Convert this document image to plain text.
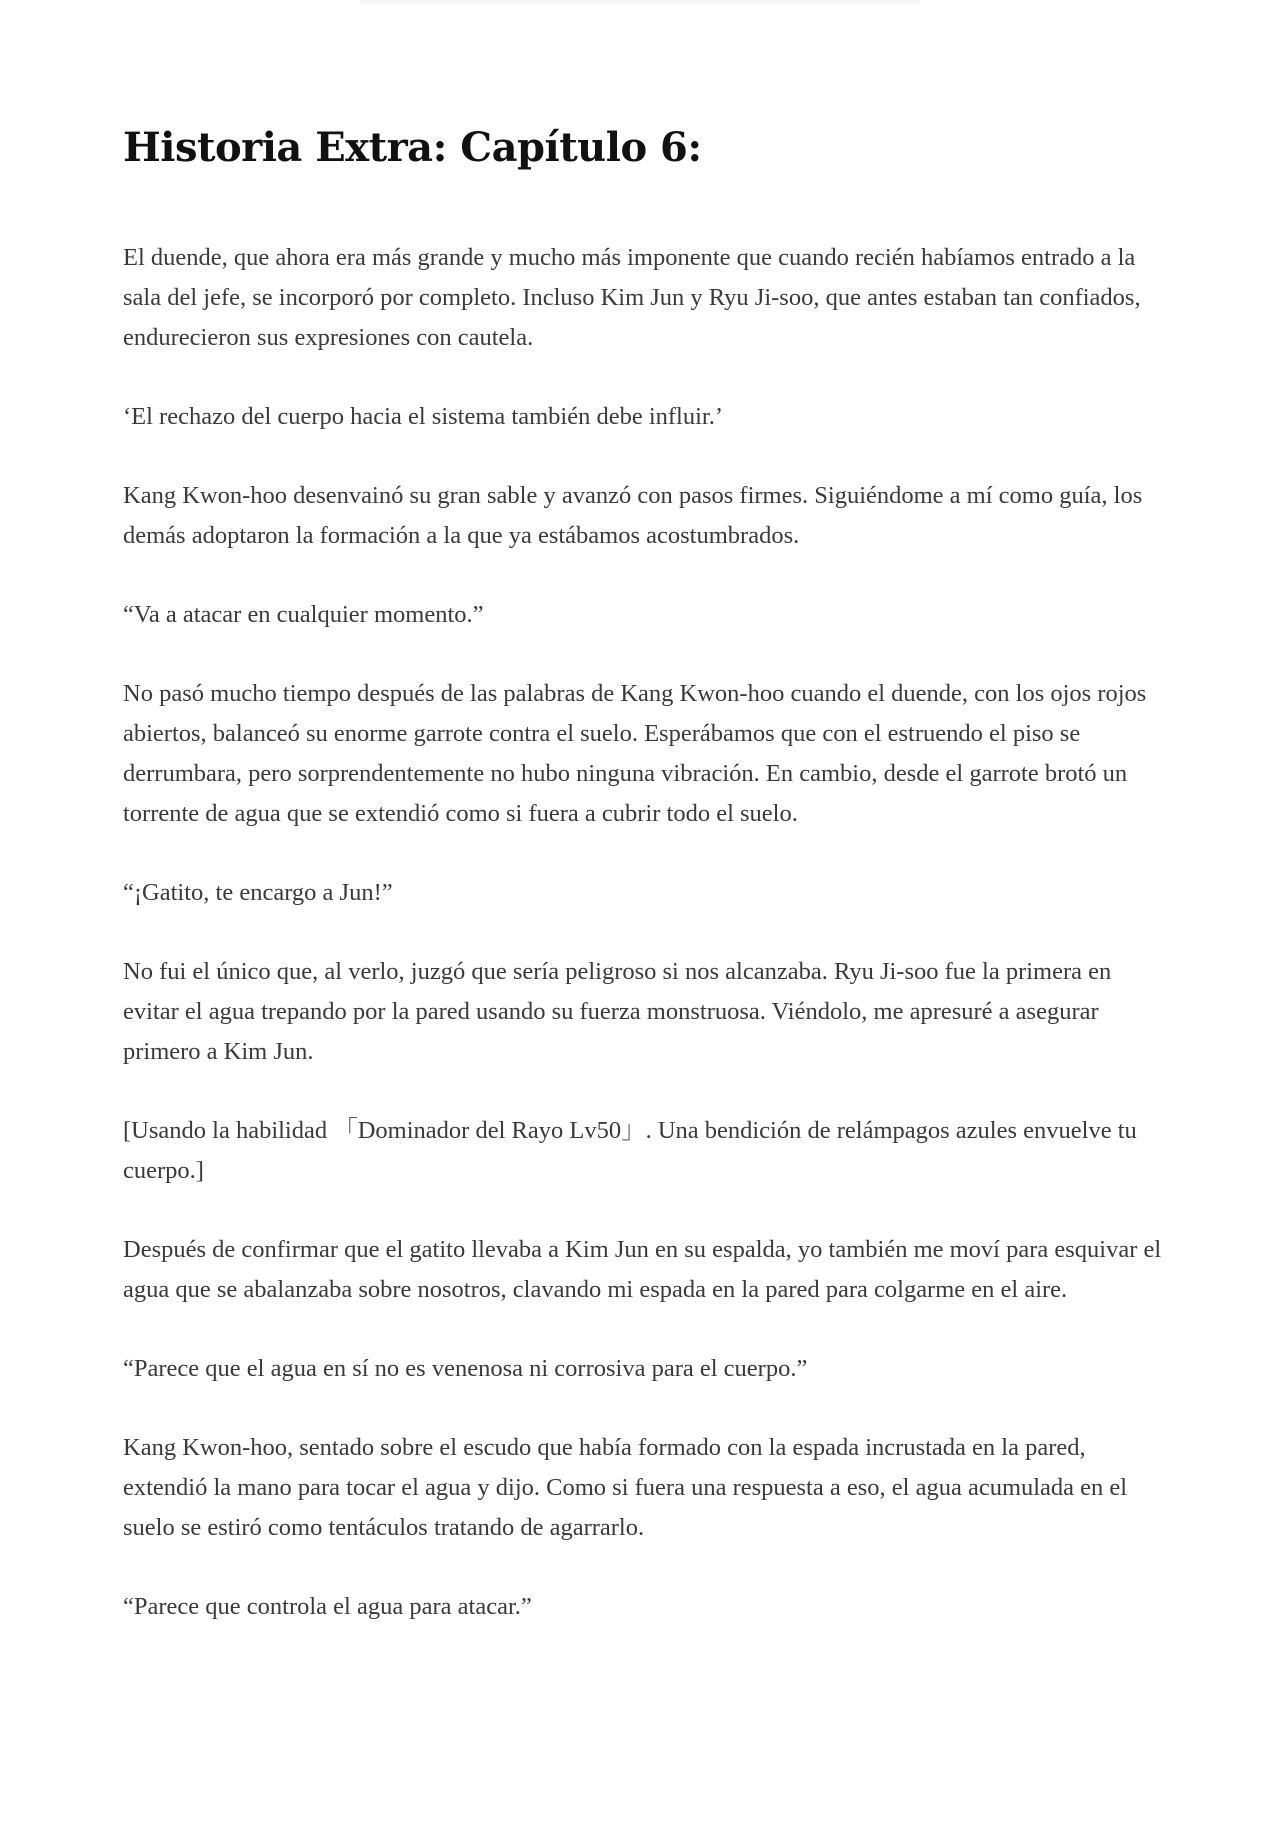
Historia Extra: Capítulo 6:

El duende, que ahora era más grande y mucho más imponente que cuando recién habíamos entrado a la sala del jefe, se incorporó por completo. Incluso Kim Jun y Ryu Ji-soo, que antes estaban tan confiados, endurecieron sus expresiones con cautela.

‘El rechazo del cuerpo hacia el sistema también debe influir.’

Kang Kwon-hoo desenvainó su gran sable y avanzó con pasos firmes. Siguiéndome a mí como guía, los demás adoptaron la formación a la que ya estábamos acostumbrados.

“Va a atacar en cualquier momento.”

No pasó mucho tiempo después de las palabras de Kang Kwon-hoo cuando el duende, con los ojos rojos abiertos, balanceó su enorme garrote contra el suelo. Esperábamos que con el estruendo el piso se derrumbara, pero sorprendentemente no hubo ninguna vibración. En cambio, desde el garrote brotó un torrente de agua que se extendió como si fuera a cubrir todo el suelo.

“¡Gatito, te encargo a Jun!”

No fui el único que, al verlo, juzgó que sería peligroso si nos alcanzaba. Ryu Ji-soo fue la primera en evitar el agua trepando por la pared usando su fuerza monstruosa. Viéndolo, me apresuré a asegurar primero a Kim Jun.

[Usando la habilidad 「Dominador del Rayo Lv50」. Una bendición de relámpagos azules envuelve tu cuerpo.]

Después de confirmar que el gatito llevaba a Kim Jun en su espalda, yo también me moví para esquivar el agua que se abalanzaba sobre nosotros, clavando mi espada en la pared para colgarme en el aire.

“Parece que el agua en sí no es venenosa ni corrosiva para el cuerpo.”

Kang Kwon-hoo, sentado sobre el escudo que había formado con la espada incrustada en la pared, extendió la mano para tocar el agua y dijo. Como si fuera una respuesta a eso, el agua acumulada en el suelo se estiró como tentáculos tratando de agarrarlo.

“Parece que controla el agua para atacar.”
